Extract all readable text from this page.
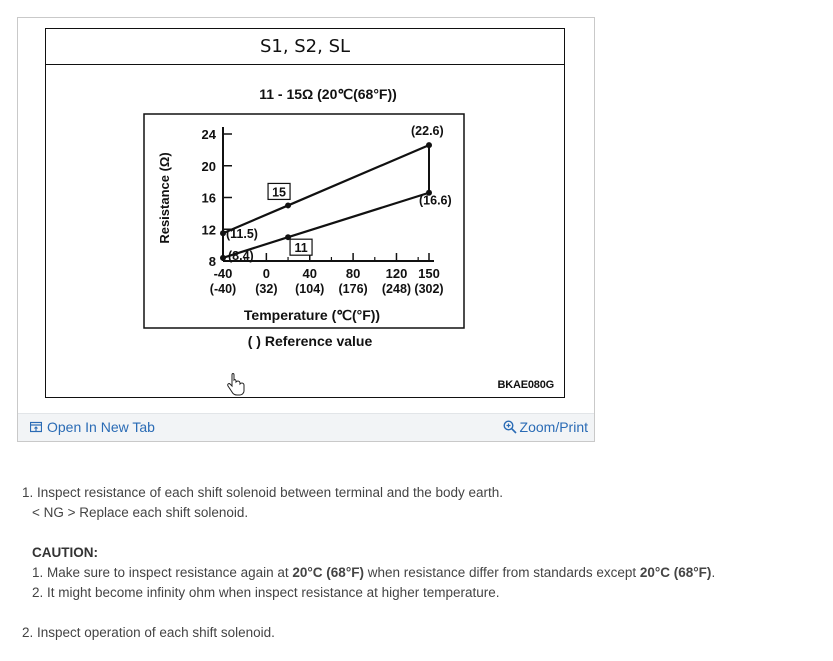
S1, S2, SL
11 - 15Ω (20℃(68°F))
Resistance (Ω)
8
12
16
20
24
-40
(-40)
0
(32)
40
(104)
80
(176)
120
(248)
150
(302)
15
11
(22.6)
(16.6)
(11.5)
(8.4)
Temperature (℃(°F))
( ) Reference value
BKAE080G
Open In New Tab	Zoom/Print

1. Inspect resistance of each shift solenoid between terminal and the body earth.

< NG > Replace each shift solenoid.

CAUTION:

1. Make sure to inspect resistance again at 20°C (68°F) when resistance differ from standards except 20°C (68°F).

2. It might become infinity ohm when inspect resistance at higher temperature.

2. Inspect operation of each shift solenoid.
